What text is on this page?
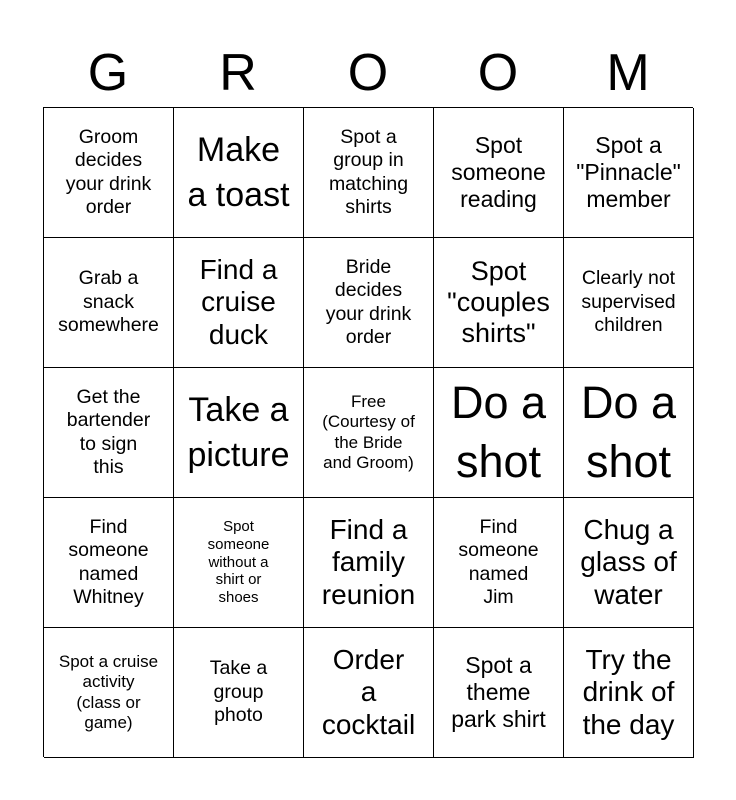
G	R	O	O	M
Groom
decides
your drink
order
Make
a toast
Spot a
group in
matching
shirts
Spot
someone
reading
Spot a
"Pinnacle"
member
Grab a
snack
somewhere
Find a
cruise
duck
Bride
decides
your drink
order
Spot
"couples
shirts"
Clearly not
supervised
children
Get the
bartender
to sign
this
Take a
picture
Free
(Courtesy of
the Bride
and Groom)
Do a
shot
Do a
shot
Find
someone
named
Whitney
Spot
someone
without a
shirt or
shoes
Find a
family
reunion
Find
someone
named
Jim
Chug a
glass of
water
Spot a cruise
activity
(class or
game)
Take a
group
photo
Order
a
cocktail
Spot a
theme
park shirt
Try the
drink of
the day
